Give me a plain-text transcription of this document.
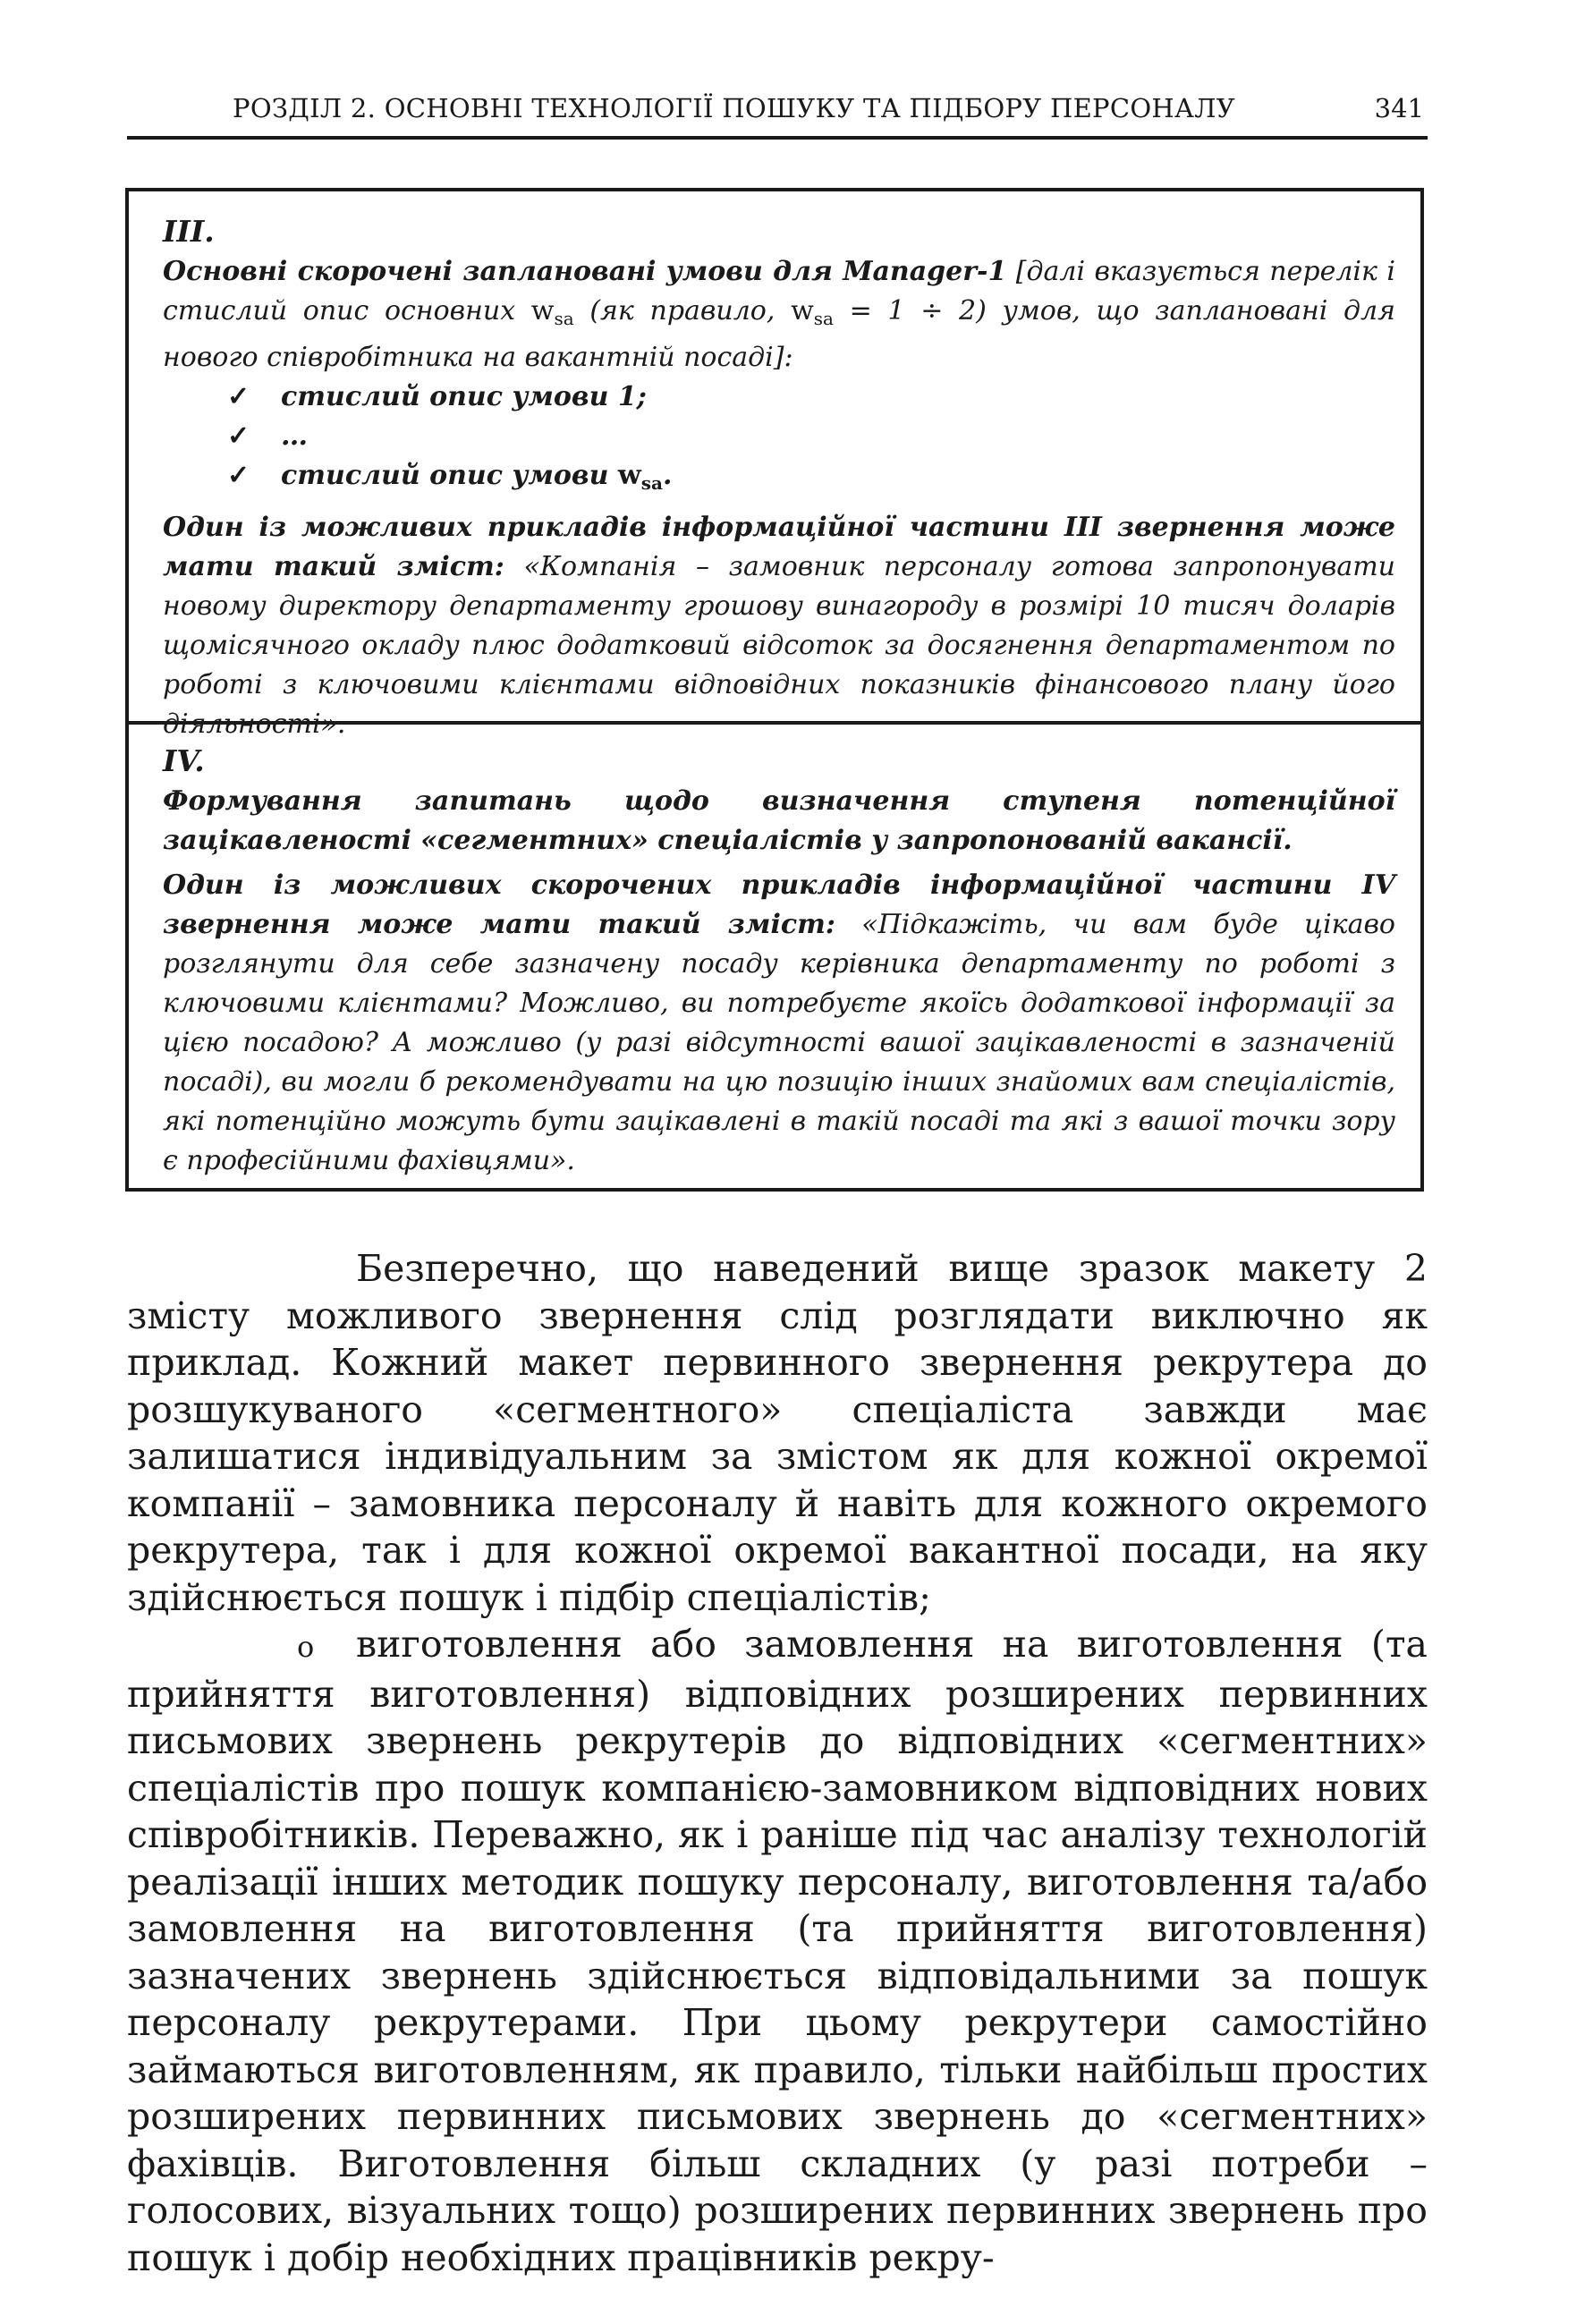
РОЗДІЛ 2. ОСНОВНІ ТЕХНОЛОГІЇ ПОШУКУ ТА ПІДБОРУ ПЕРСОНАЛУ	341
III.

Основні скорочені заплановані умови для Manager-1 [далі вказується перелік і стислий опис основних $w_{sa}$ (як правило, $w_{sa} = 1 \div 2$) умов, що заплановані для нового співробітника на вакантній посаді]:

✓ стислий опис умови 1;
✓ …
✓ стислий опис умови $w_{sa}$.

Один із можливих прикладів інформаційної частини III звернення може мати такий зміст: «Компанія – замовник персоналу готова запропонувати новому директору департаменту грошову винагороду в розмірі 10 тисяч доларів щомісячного окладу плюс додатковий відсоток за досягнення департаментом по роботі з ключовими клієнтами відповідних показників фінансового плану його діяльності».

IV.

Формування запитань щодо визначення ступеня потенційної зацікавленості «сегментних» спеціалістів у запропонованій вакансії.

Один із можливих скорочених прикладів інформаційної частини IV звернення може мати такий зміст: «Підкажіть, чи вам буде цікаво розглянути для себе зазначену посаду керівника департаменту по роботі з ключовими клієнтами? Можливо, ви потребуєте якоїсь додаткової інформації за цією посадою? А можливо (у разі відсутності вашої зацікавленості в зазначеній посаді), ви могли б рекомендувати на цю позицію інших знайомих вам спеціалістів, які потенційно можуть бути зацікавлені в такій посаді та які з вашої точки зору є професійними фахівцями».

Безперечно, що наведений вище зразок макету 2 змісту можливого звернення слід розглядати виключно як приклад. Кожний макет первинного звернення рекрутера до розшукуваного «сегментного» спеціаліста завжди має залишатися індивідуальним за змістом як для кожної окремої компанії – замовника персоналу й навіть для кожного окремого рекрутера, так і для кожної окремої вакантної посади, на яку здійснюється пошук і підбір спеціалістів;

o виготовлення або замовлення на виготовлення (та прийняття виготовлення) відповідних розширених первинних письмових звернень рекрутерів до відповідних «сегментних» спеціалістів про пошук компанією-замовником відповідних нових співробітників. Переважно, як і раніше під час аналізу технологій реалізації інших методик пошуку персоналу, виготовлення та/або замовлення на виготовлення (та прийняття виготовлення) зазначених звернень здійснюється відповідальними за пошук персоналу рекрутерами. При цьому рекрутери самостійно займаються виготовленням, як правило, тільки найбільш простих розширених первинних письмових звернень до «сегментних» фахівців. Виготовлення більш складних (у разі потреби – голосових, візуальних тощо) розширених первинних звернень про пошук і добір необхідних працівників рекру-
